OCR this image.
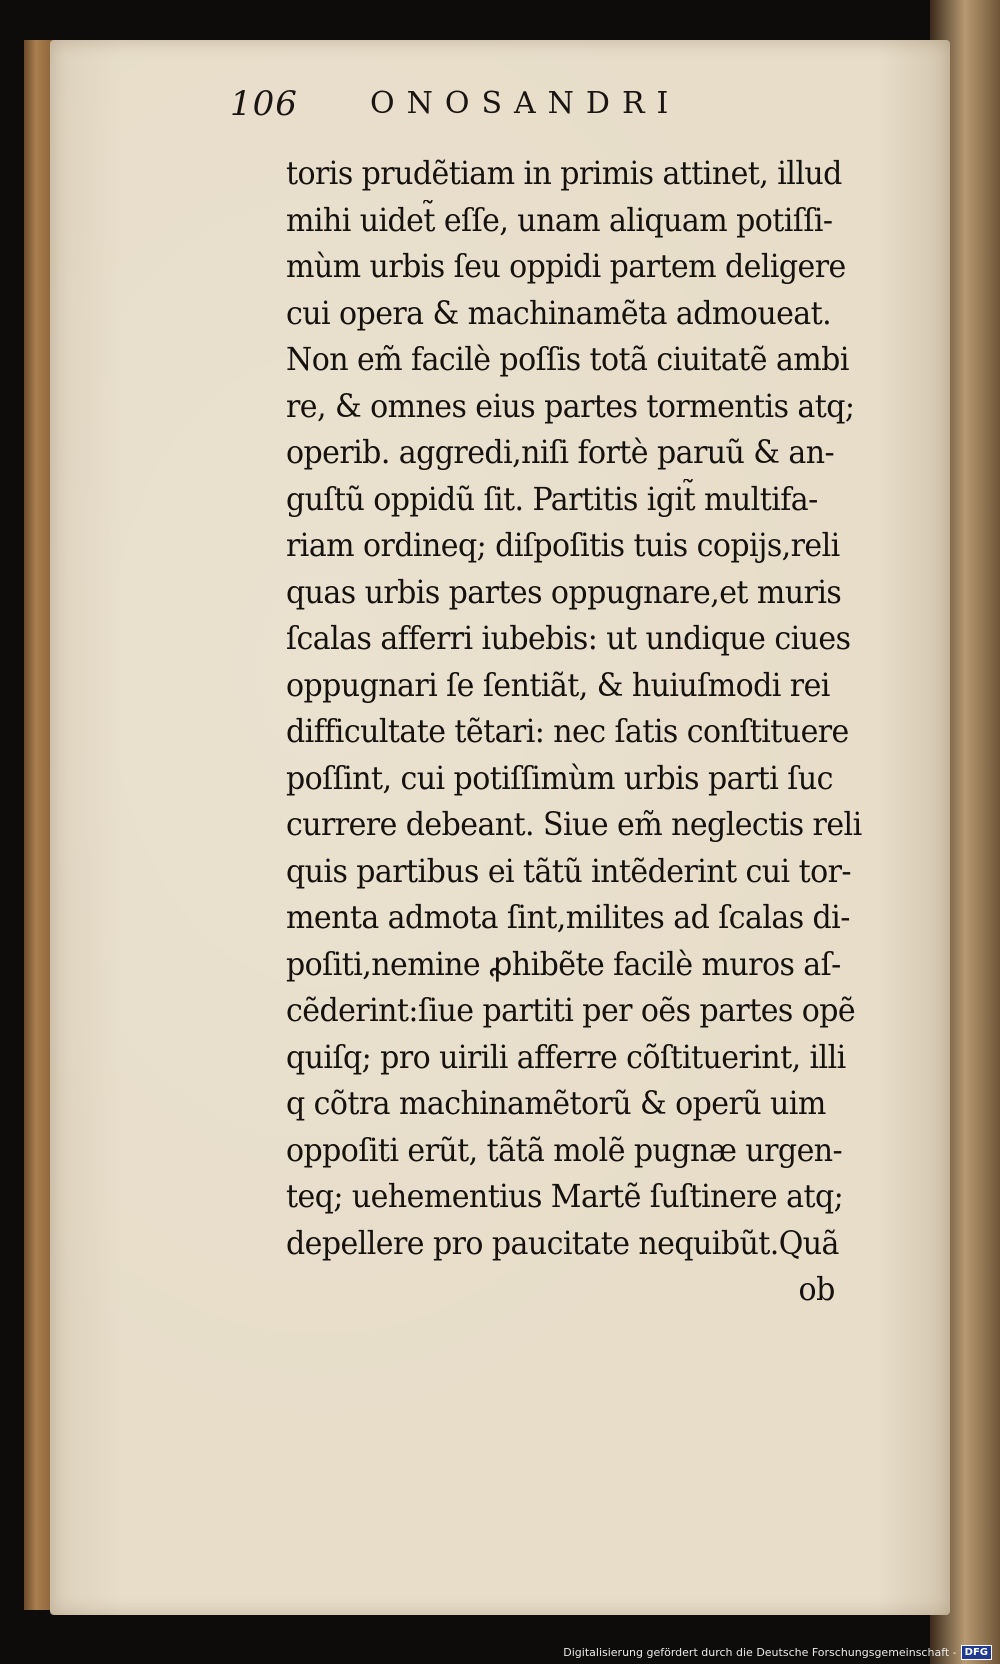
106 ONOSANDRI
toris prudẽtiam in primis attinet, illud
mihi uidet̃ eſſe, unam aliquam potiſſi-
mùm urbis ſeu oppidi partem deligere
cui opera & machinamẽta admoueat.
Non em̃ facilè poſſis totã ciuitatẽ ambi
re, & omnes eius partes tormentis atq;
operib. aggredi,niſi fortè paruũ & an-
guſtũ oppidũ ſit. Partitis igit̃ multifa-
riam ordineq; diſpoſitis tuis copijs,reli
quas urbis partes oppugnare,et muris
ſcalas afferri iubebis: ut undique ciues
oppugnari ſe ſentiãt, & huiuſmodi rei
difficultate tẽtari: nec ſatis conſtituere
poſſint, cui potiſſimùm urbis parti ſuc
currere debeant. Siue em̃ neglectis reli
quis partibus ei tãtũ intẽderint cui tor-
menta admota ſint,milites ad ſcalas di-
poſiti,nemine ꝓhibẽte facilè muros aſ-
cẽderint:ſiue partiti per oẽs partes opẽ
quiſq; pro uirili afferre cõſtituerint, illi
q cõtra machinamẽtorũ & operũ uim
oppoſiti erũt, tãtã molẽ pugnæ urgen-
teq; uehementius Martẽ ſuſtinere atq;
depellere pro paucitate nequibũt.Quã
ob
Digitalisierung gefördert durch die Deutsche Forschungsgemeinschaft - DFG
